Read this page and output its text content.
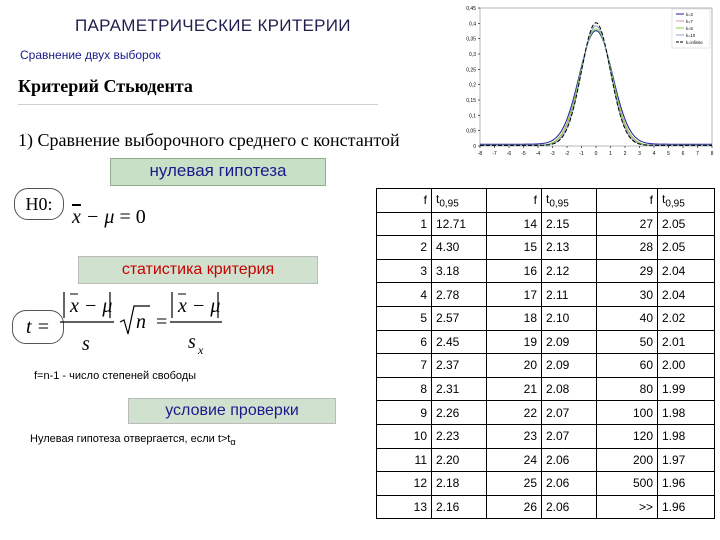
ПАРАМЕТРИЧЕСКИЕ КРИТЕРИИ
Сравнение двух выборок
Критерий Стьюдента
1) Сравнение выборочного среднего с константой
нулевая гипотеза
H0:
$\overline{x} - \mu = 0$
статистика критерия
t =
x − μ
s
n =
x − μ
s x
f=n-1 - число степеней свободы
условие проверки
Нулевая гипотеза отвергается, если $t>t_\alpha$
f	$t_{0,95}$	f	$t_{0,95}$	f	$t_{0,95}$
1	12.71	14	2.15	27	2.05
2	4.30	15	2.13	28	2.05
3	3.18	16	2.12	29	2.04
4	2.78	17	2.11	30	2.04
5	2.57	18	2.10	40	2.02
6	2.45	19	2.09	50	2.01
7	2.37	20	2.09	60	2.00
8	2.31	21	2.08	80	1.99
9	2.26	22	2.07	100	1.98
10	2.23	23	2.07	120	1.98
11	2.20	24	2.06	200	1.97
12	2.18	25	2.06	500	1.96
13	2.16	26	2.06	>>	1.96
0
0,05
0,1
0,15
0,2
0,25
0,3
0,35
0,4
0,45
-8 -7 -6 -5 -4 -3 -2 -1 0 1 2 3 4 5 6 7 8
k=3
k=7
k=5
k=10
k=infinite
